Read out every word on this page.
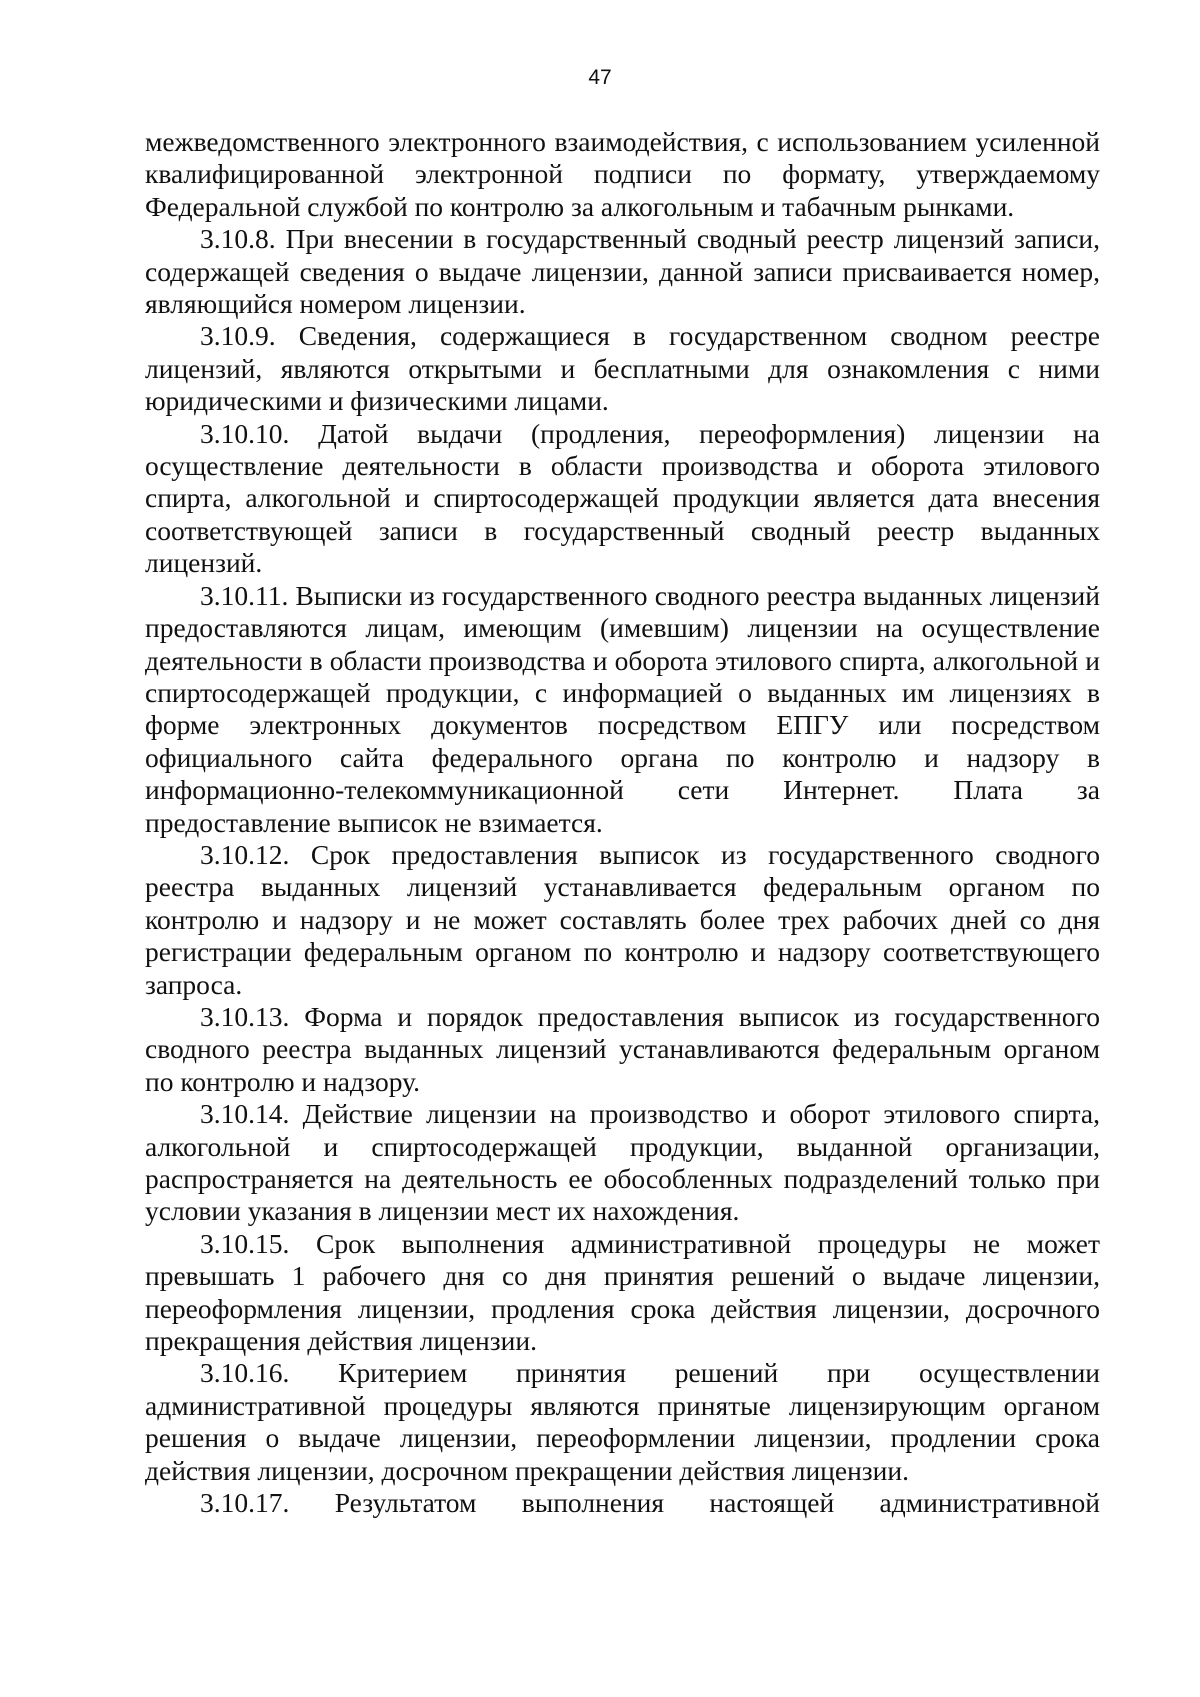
47

межведомственного электронного взаимодействия, с использованием усиленной квалифицированной электронной подписи по формату, утверждаемому Федеральной службой по контролю за алкогольным и табачным рынками.

3.10.8. При внесении в государственный сводный реестр лицензий записи, содержащей сведения о выдаче лицензии, данной записи присваивается номер, являющийся номером лицензии.

3.10.9. Сведения, содержащиеся в государственном сводном реестре лицензий, являются открытыми и бесплатными для ознакомления с ними юридическими и физическими лицами.

3.10.10. Датой выдачи (продления, переоформления) лицензии на осуществление деятельности в области производства и оборота этилового спирта, алкогольной и спиртосодержащей продукции является дата внесения соответствующей записи в государственный сводный реестр выданных лицензий.

3.10.11. Выписки из государственного сводного реестра выданных лицензий предоставляются лицам, имеющим (имевшим) лицензии на осуществление деятельности в области производства и оборота этилового спирта, алкогольной и спиртосодержащей продукции, с информацией о выданных им лицензиях в форме электронных документов посредством ЕПГУ или посредством официального сайта федерального органа по контролю и надзору в информационно-телекоммуникационной сети Интернет. Плата за предоставление выписок не взимается.

3.10.12. Срок предоставления выписок из государственного сводного реестра выданных лицензий устанавливается федеральным органом по контролю и надзору и не может составлять более трех рабочих дней со дня регистрации федеральным органом по контролю и надзору соответствующего запроса.

3.10.13. Форма и порядок предоставления выписок из государственного сводного реестра выданных лицензий устанавливаются федеральным органом по контролю и надзору.

3.10.14. Действие лицензии на производство и оборот этилового спирта, алкогольной и спиртосодержащей продукции, выданной организации, распространяется на деятельность ее обособленных подразделений только при условии указания в лицензии мест их нахождения.

3.10.15. Срок выполнения административной процедуры не может превышать 1 рабочего дня со дня принятия решений о выдаче лицензии, переоформления лицензии, продления срока действия лицензии, досрочного прекращения действия лицензии.

3.10.16. Критерием принятия решений при осуществлении административной процедуры являются принятые лицензирующим органом решения о выдаче лицензии, переоформлении лицензии, продлении срока действия лицензии, досрочном прекращении действия лицензии.

3.10.17. Результатом выполнения настоящей административной
